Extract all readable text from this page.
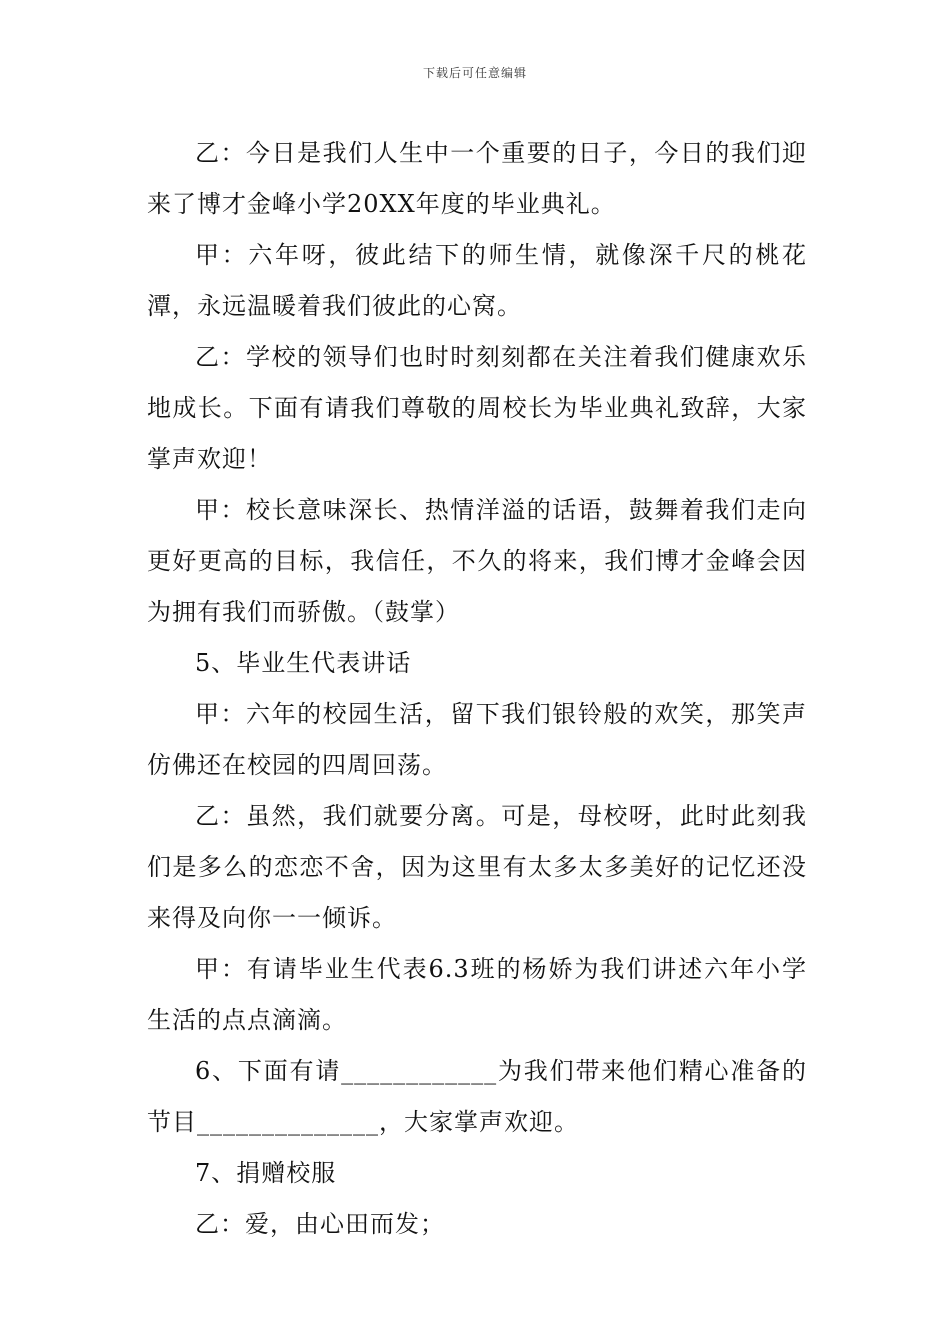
下载后可任意编辑

乙：今日是我们人生中一个重要的日子，今日的我们迎来了博才金峰小学20XX年度的毕业典礼。

甲：六年呀，彼此结下的师生情，就像深千尺的桃花潭，永远温暖着我们彼此的心窝。

乙：学校的领导们也时时刻刻都在关注着我们健康欢乐地成长。下面有请我们尊敬的周校长为毕业典礼致辞，大家掌声欢迎！

甲：校长意味深长、热情洋溢的话语，鼓舞着我们走向更好更高的目标，我信任，不久的将来，我们博才金峰会因为拥有我们而骄傲。（鼓掌）

5、毕业生代表讲话

甲：六年的校园生活，留下我们银铃般的欢笑，那笑声仿佛还在校园的四周回荡。

乙：虽然，我们就要分离。可是，母校呀，此时此刻我们是多么的恋恋不舍，因为这里有太多太多美好的记忆还没来得及向你一一倾诉。

甲：有请毕业生代表6.3班的杨娇为我们讲述六年小学生活的点点滴滴。

6、下面有请____________为我们带来他们精心准备的节目______________，大家掌声欢迎。

7、捐赠校服

乙：爱，由心田而发；
